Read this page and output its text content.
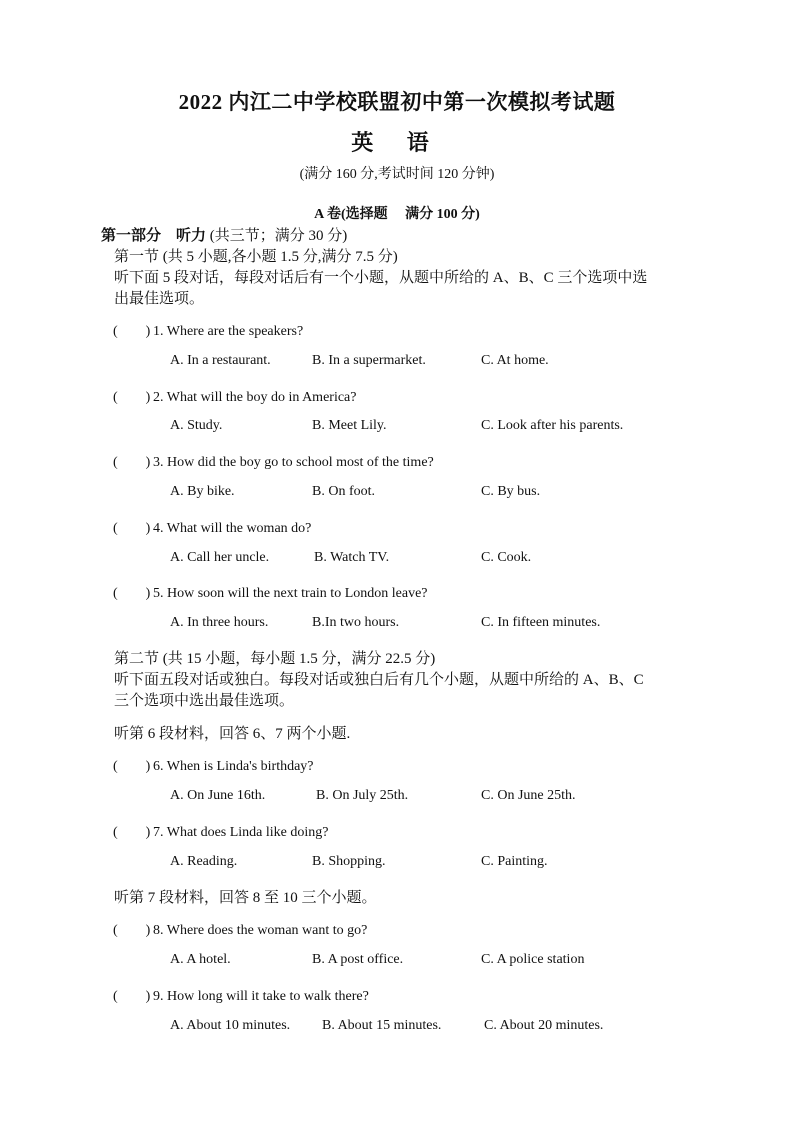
2022 内江二中学校联盟初中第一次模拟考试题
英 语
(满分 160 分,考试时间 120 分钟)
A 卷(选择题　 满分 100 分)
第一部分　听力 (共三节；满分 30 分)
第一节 (共 5 小题,各小题 1.5 分,满分 7.5 分)
听下面 5 段对话，每段对话后有一个小题，从题中所给的 A、B、C 三个选项中选
出最佳选项。
(　　) 1. Where are the speakers?
A. In a restaurant.	B. In a supermarket.	C. At home.
(　　) 2. What will the boy do in America?
A. Study.	B. Meet Lily.	C. Look after his parents.
(　　) 3. How did the boy go to school most of the time?
A. By bike.	B. On foot.	C. By bus.
(　　) 4. What will the woman do?
A. Call her uncle.	B. Watch TV.	C. Cook.
(　　) 5. How soon will the next train to London leave?
A. In three hours.	B.In two hours.	C. In fifteen minutes.
第二节 (共 15 小题，每小题 1.5 分，满分 22.5 分)
听下面五段对话或独白。每段对话或独白后有几个小题，从题中所给的 A、B、C
三个选项中选出最佳选项。
听第 6 段材料，回答 6、7 两个小题.
(　　) 6. When is Linda's birthday?
A. On June 16th.	B. On July 25th.	C. On June 25th.
(　　) 7. What does Linda like doing?
A. Reading.	B. Shopping.	C. Painting.
听第 7 段材料，回答 8 至 10 三个小题。
(　　) 8. Where does the woman want to go?
A. A hotel.	B. A post office.	C. A police station
(　　) 9. How long will it take to walk there?
A. About 10 minutes. B. About 15 minutes.	C. About 20 minutes.
